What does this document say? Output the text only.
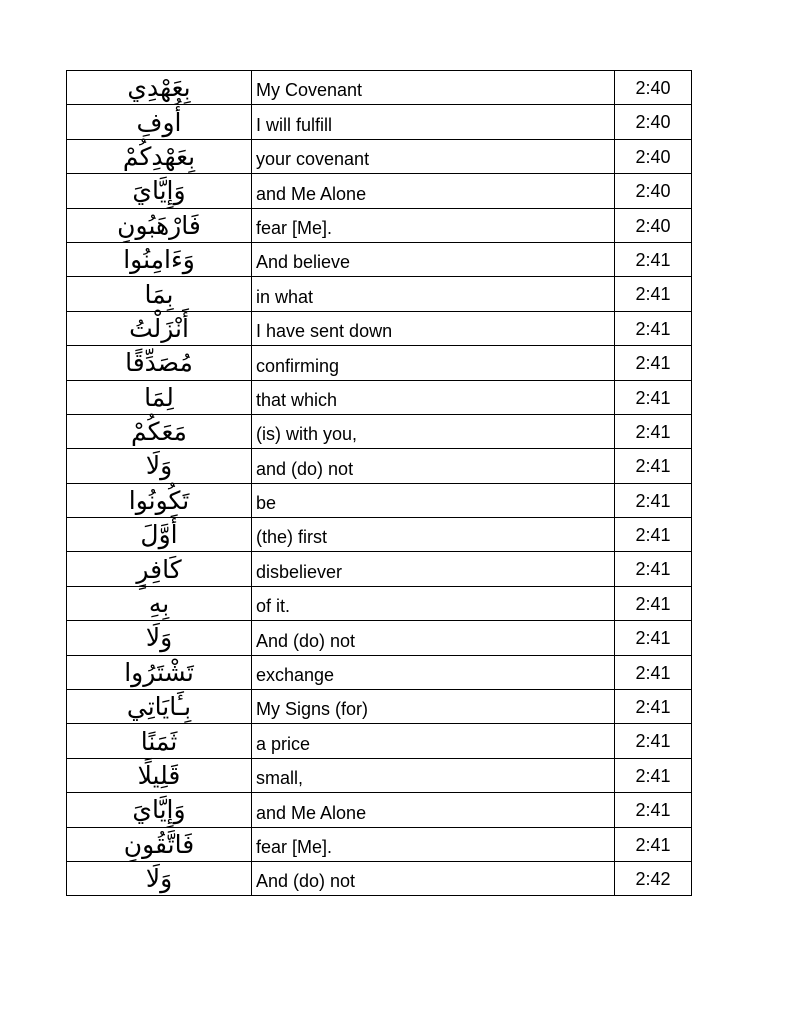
بِعَهْدِي	My Covenant	2:40
أُوفِ	I will fulfill	2:40
بِعَهْدِكُمْ	your covenant	2:40
وَإِيَّايَ	and Me Alone	2:40
فَارْهَبُونِ	fear [Me].	2:40
وَءَامِنُوا	And believe	2:41
بِمَا	in what	2:41
أَنْزَلْتُ	I have sent down	2:41
مُصَدِّقًا	confirming	2:41
لِمَا	that which	2:41
مَعَكُمْ	(is) with you,	2:41
وَلَا	and (do) not	2:41
تَكُونُوا	be	2:41
أَوَّلَ	(the) first	2:41
كَافِرٍ	disbeliever	2:41
بِهِ	of it.	2:41
وَلَا	And (do) not	2:41
تَشْتَرُوا	exchange	2:41
بِـَٔايَاتِي	My Signs (for)	2:41
ثَمَنًا	a price	2:41
قَلِيلًا	small,	2:41
وَإِيَّايَ	and Me Alone	2:41
فَاتَّقُونِ	fear [Me].	2:41
وَلَا	And (do) not	2:42
